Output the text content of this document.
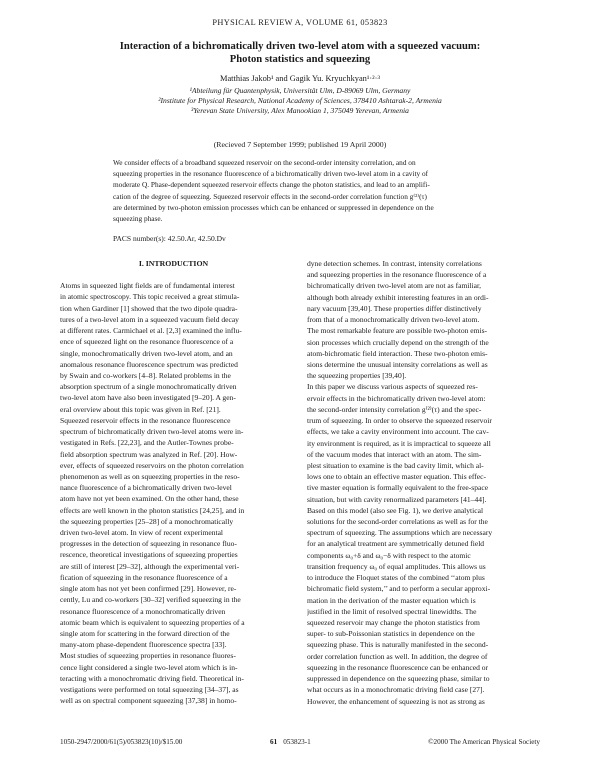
PHYSICAL REVIEW A, VOLUME 61, 053823
Interaction of a bichromatically driven two-level atom with a squeezed vacuum:
Photon statistics and squeezing
Matthias Jakob¹ and Gagik Yu. Kryuchkyan¹·²·³
¹Abteilung für Quantenphysik, Universität Ulm, D-89069 Ulm, Germany
²Institute for Physical Research, National Academy of Sciences, 378410 Ashtarak-2, Armenia
³Yerevan State University, Alex Manookian 1, 375049 Yerevan, Armenia
(Recieved 7 September 1999; published 19 April 2000)
We consider effects of a broadband squeezed reservoir on the second-order intensity correlation, and on
squeezing properties in the resonance fluorescence of a bichromatically driven two-level atom in a cavity of
moderate Q. Phase-dependent squeezed reservoir effects change the photon statistics, and lead to an amplifi-
cation of the degree of squeezing. Squeezed reservoir effects in the second-order correlation function g⁽²⁾(τ)
are determined by two-photon emission processes which can be enhanced or suppressed in dependence on the
squeezing phase.
PACS number(s): 42.50.Ar, 42.50.Dv
I. INTRODUCTION
Atoms in squeezed light fields are of fundamental interest
in atomic spectroscopy. This topic received a great stimula-
tion when Gardiner [1] showed that the two dipole quadra-
tures of a two-level atom in a squeezed vacuum field decay
at different rates. Carmichael et al. [2,3] examined the influ-
ence of squeezed light on the resonance fluorescence of a
single, monochromatically driven two-level atom, and an
anomalous resonance fluorescence spectrum was predicted
by Swain and co-workers [4–8]. Related problems in the
absorption spectrum of a single monochromatically driven
two-level atom have also been investigated [9–20]. A gen-
eral overview about this topic was given in Ref. [21].
Squeezed reservoir effects in the resonance fluorescence
spectrum of bichromatically driven two-level atoms were in-
vestigated in Refs. [22,23], and the Autler-Townes probe-
field absorption spectrum was analyzed in Ref. [20]. How-
ever, effects of squeezed reservoirs on the photon correlation
phenomenon as well as on squeezing properties in the reso-
nance fluorescence of a bichromatically driven two-level
atom have not yet been examined. On the other hand, these
effects are well known in the photon statistics [24,25], and in
the squeezing properties [25–28] of a monochromatically
driven two-level atom. In view of recent experimental
progresses in the detection of squeezing in resonance fluo-
rescence, theoretical investigations of squeezing properties
are still of interest [29–32], although the experimental veri-
fication of squeezing in the resonance fluorescence of a
single atom has not yet been confirmed [29]. However, re-
cently, Lu and co-workers [30–32] verified squeezing in the
resonance fluorescence of a monochromatically driven
atomic beam which is equivalent to squeezing properties of a
single atom for scattering in the forward direction of the
many-atom phase-dependent fluorescence spectra [33].
Most studies of squeezing properties in resonance fluores-
cence light considered a single two-level atom which is in-
teracting with a monochromatic driving field. Theoretical in-
vestigations were performed on total squeezing [34–37], as
well as on spectral component squeezing [37,38] in homo-
dyne detection schemes. In contrast, intensity correlations
and squeezing properties in the resonance fluorescence of a
bichromatically driven two-level atom are not as familiar,
although both already exhibit interesting features in an ordi-
nary vacuum [39,40]. These properties differ distinctively
from that of a monochromatically driven two-level atom.
The most remarkable feature are possible two-photon emis-
sion processes which crucially depend on the strength of the
atom-bichromatic field interaction. These two-photon emis-
sions determine the unusual intensity correlations as well as
the squeezing properties [39,40].
In this paper we discuss various aspects of squeezed res-
ervoir effects in the bichromatically driven two-level atom:
the second-order intensity correlation g⁽²⁾(τ) and the spec-
trum of squeezing. In order to observe the squeezed reservoir
effects, we take a cavity environment into account. The cav-
ity environment is required, as it is impractical to squeeze all
of the vacuum modes that interact with an atom. The sim-
plest situation to examine is the bad cavity limit, which al-
lows one to obtain an effective master equation. This effec-
tive master equation is formally equivalent to the free-space
situation, but with cavity renormalized parameters [41–44].
Based on this model (also see Fig. 1), we derive analytical
solutions for the second-order correlations as well as for the
spectrum of squeezing. The assumptions which are necessary
for an analytical treatment are symmetrically detuned field
components ω₀+δ and ω₀−δ with respect to the atomic
transition frequency ω₀ of equal amplitudes. This allows us
to introduce the Floquet states of the combined ‘‘atom plus
bichromatic field system,’’ and to perform a secular approxi-
mation in the derivation of the master equation which is
justified in the limit of resolved spectral linewidths. The
squeezed reservoir may change the photon statistics from
super- to sub-Poissonian statistics in dependence on the
squeezing phase. This is naturally manifested in the second-
order correlation function as well. In addition, the degree of
squeezing in the resonance fluorescence can be enhanced or
suppressed in dependence on the squeezing phase, similar to
what occurs as in a monochromatic driving field case [27].
However, the enhancement of squeezing is not as strong as
1050-2947/2000/61(5)/053823(10)/$15.00	61 053823-1	©2000 The American Physical Society
